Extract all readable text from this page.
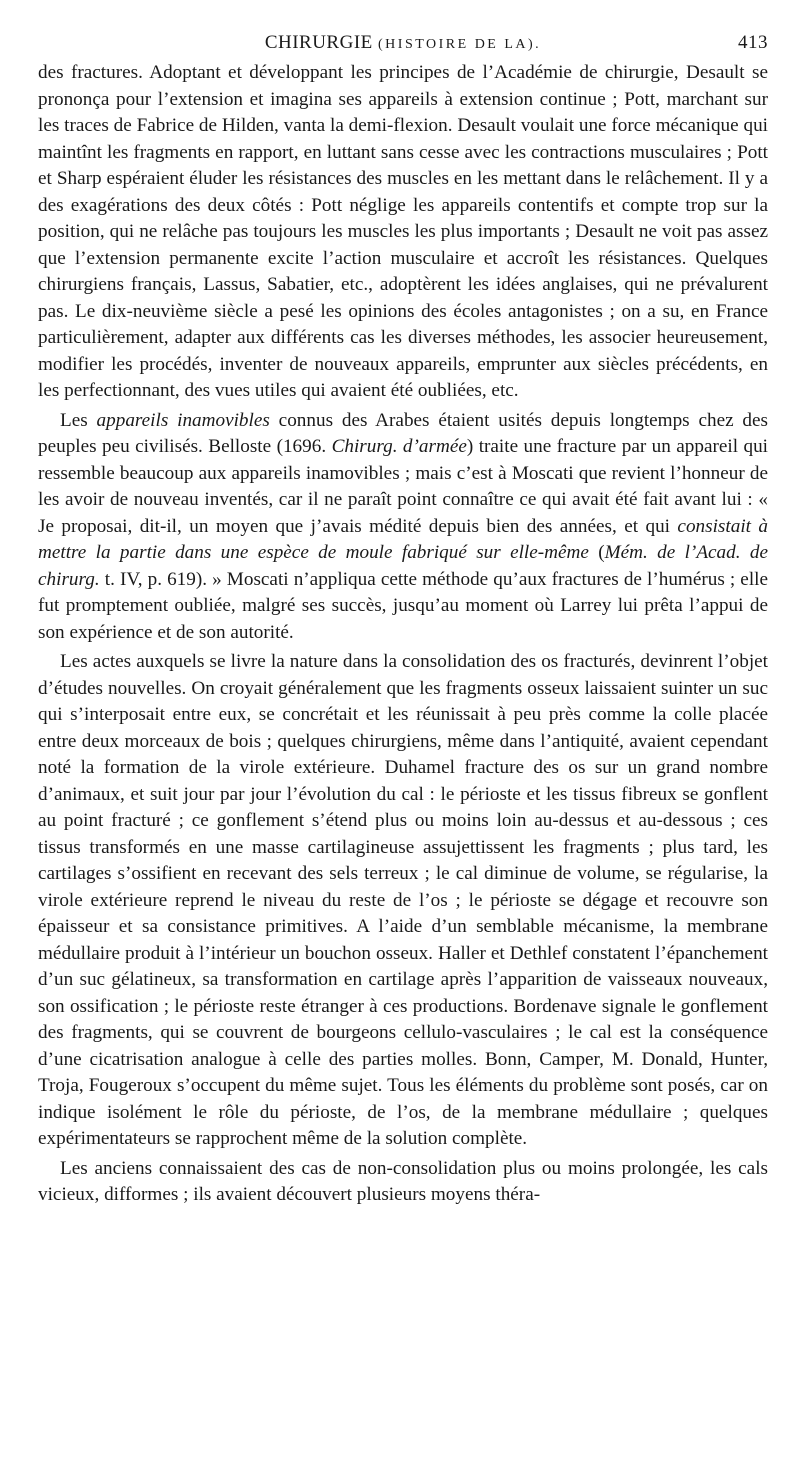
CHIRURGIE (HISTOIRE DE LA).	413

des fractures. Adoptant et développant les principes de l’Académie de chirurgie, Desault se prononça pour l’extension et imagina ses appareils à extension continue ; Pott, marchant sur les traces de Fabrice de Hilden, vanta la demi-flexion. Desault voulait une force mécanique qui maintînt les fragments en rapport, en luttant sans cesse avec les contractions musculaires ; Pott et Sharp espéraient éluder les résistances des muscles en les mettant dans le relâchement. Il y a des exagérations des deux côtés : Pott néglige les appareils contentifs et compte trop sur la position, qui ne relâche pas toujours les muscles les plus importants ; Desault ne voit pas assez que l’extension permanente excite l’action musculaire et accroît les résistances. Quelques chirurgiens français, Lassus, Sabatier, etc., adoptèrent les idées anglaises, qui ne prévalurent pas. Le dix-neuvième siècle a pesé les opinions des écoles antagonistes ; on a su, en France particulièrement, adapter aux différents cas les diverses méthodes, les associer heureusement, modifier les procédés, inventer de nouveaux appareils, emprunter aux siècles précédents, en les perfectionnant, des vues utiles qui avaient été oubliées, etc.

Les appareils inamovibles connus des Arabes étaient usités depuis longtemps chez des peuples peu civilisés. Belloste (1696. Chirurg. d’armée) traite une fracture par un appareil qui ressemble beaucoup aux appareils inamovibles ; mais c’est à Moscati que revient l’honneur de les avoir de nouveau inventés, car il ne paraît point connaître ce qui avait été fait avant lui : « Je proposai, dit-il, un moyen que j’avais médité depuis bien des années, et qui consistait à mettre la partie dans une espèce de moule fabriqué sur elle-même (Mém. de l’Acad. de chirurg. t. IV, p. 619). » Moscati n’appliqua cette méthode qu’aux fractures de l’humérus ; elle fut promptement oubliée, malgré ses succès, jusqu’au moment où Larrey lui prêta l’appui de son expérience et de son autorité.

Les actes auxquels se livre la nature dans la consolidation des os fracturés, devinrent l’objet d’études nouvelles. On croyait généralement que les fragments osseux laissaient suinter un suc qui s’interposait entre eux, se concrétait et les réunissait à peu près comme la colle placée entre deux morceaux de bois ; quelques chirurgiens, même dans l’antiquité, avaient cependant noté la formation de la virole extérieure. Duhamel fracture des os sur un grand nombre d’animaux, et suit jour par jour l’évolution du cal : le périoste et les tissus fibreux se gonflent au point fracturé ; ce gonflement s’étend plus ou moins loin au-dessus et au-dessous ; ces tissus transformés en une masse cartilagineuse assujettissent les fragments ; plus tard, les cartilages s’ossifient en recevant des sels terreux ; le cal diminue de volume, se régularise, la virole extérieure reprend le niveau du reste de l’os ; le périoste se dégage et recouvre son épaisseur et sa consistance primitives. A l’aide d’un semblable mécanisme, la membrane médullaire produit à l’intérieur un bouchon osseux. Haller et Dethlef constatent l’épanchement d’un suc gélatineux, sa transformation en cartilage après l’apparition de vaisseaux nouveaux, son ossification ; le périoste reste étranger à ces productions. Bordenave signale le gonflement des fragments, qui se couvrent de bourgeons cellulo-vasculaires ; le cal est la conséquence d’une cicatrisation analogue à celle des parties molles. Bonn, Camper, M. Donald, Hunter, Troja, Fougeroux s’occupent du même sujet. Tous les éléments du problème sont posés, car on indique isolément le rôle du périoste, de l’os, de la membrane médullaire ; quelques expérimentateurs se rapprochent même de la solution complète.

Les anciens connaissaient des cas de non-consolidation plus ou moins prolongée, les cals vicieux, difformes ; ils avaient découvert plusieurs moyens théra-
